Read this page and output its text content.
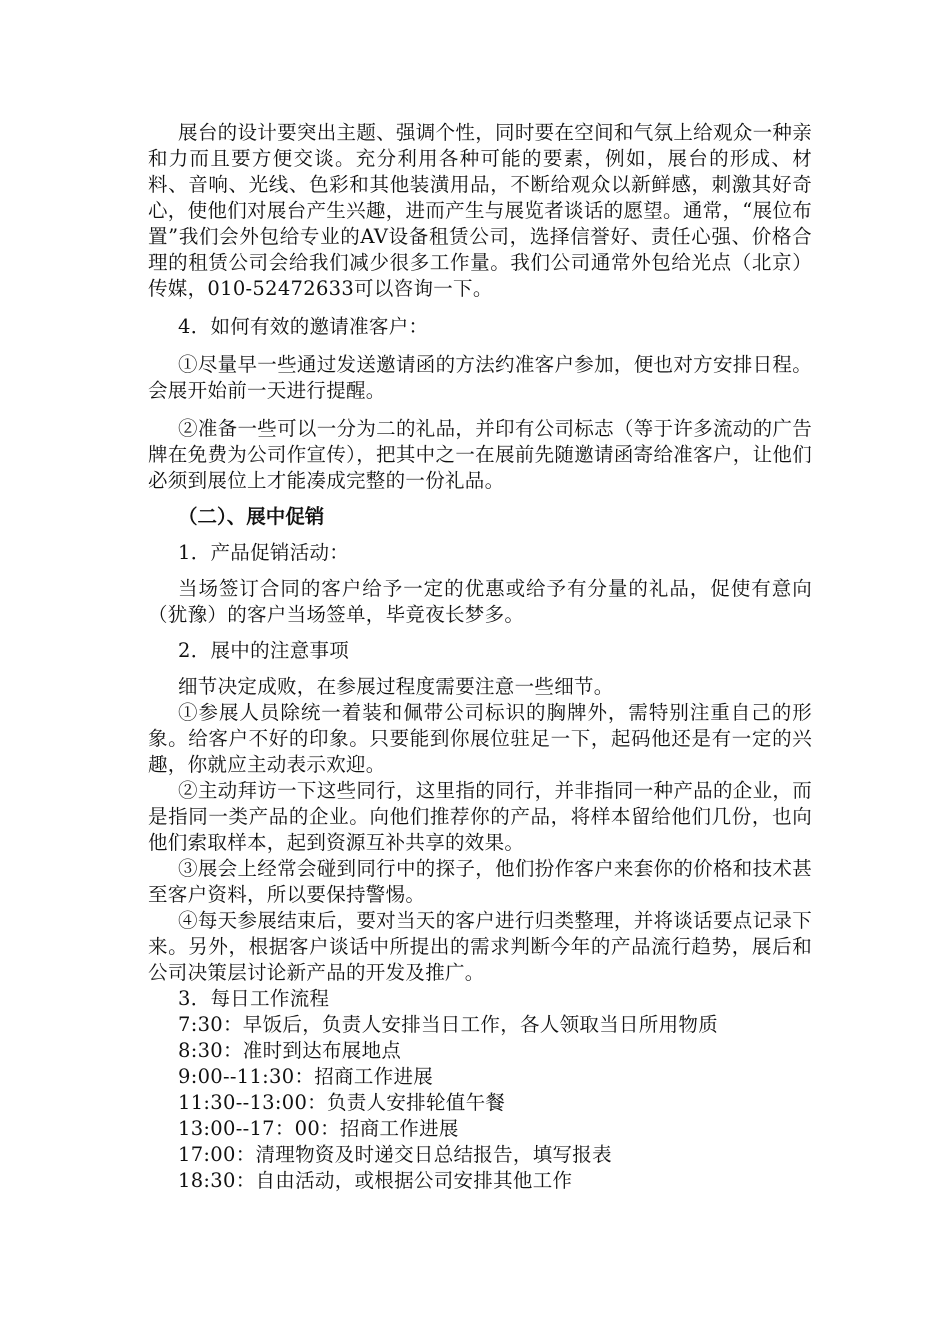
展台的设计要突出主题、强调个性，同时要在空间和气氛上给观众一种亲和力而且要方便交谈。充分利用各种可能的要素，例如，展台的形成、材料、音响、光线、色彩和其他装潢用品，不断给观众以新鲜感，刺激其好奇心，使他们对展台产生兴趣，进而产生与展览者谈话的愿望。通常，“展位布置”我们会外包给专业的AV设备租赁公司，选择信誉好、责任心强、价格合理的租赁公司会给我们减少很多工作量。我们公司通常外包给光点（北京）传媒，010-52472633可以咨询一下。

4．如何有效的邀请准客户：

①尽量早一些通过发送邀请函的方法约准客户参加，便也对方安排日程。会展开始前一天进行提醒。

②准备一些可以一分为二的礼品，并印有公司标志（等于许多流动的广告牌在免费为公司作宣传），把其中之一在展前先随邀请函寄给准客户，让他们必须到展位上才能凑成完整的一份礼品。

（二）、展中促销

1．产品促销活动：

当场签订合同的客户给予一定的优惠或给予有分量的礼品，促使有意向（犹豫）的客户当场签单，毕竟夜长梦多。

2．展中的注意事项

细节决定成败，在参展过程度需要注意一些细节。

①参展人员除统一着装和佩带公司标识的胸牌外，需特别注重自己的形象。给客户不好的印象。只要能到你展位驻足一下，起码他还是有一定的兴趣，你就应主动表示欢迎。

②主动拜访一下这些同行，这里指的同行，并非指同一种产品的企业，而是指同一类产品的企业。向他们推荐你的产品，将样本留给他们几份，也向他们索取样本，起到资源互补共享的效果。

③展会上经常会碰到同行中的探子，他们扮作客户来套你的价格和技术甚至客户资料，所以要保持警惕。

④每天参展结束后，要对当天的客户进行归类整理，并将谈话要点记录下来。另外，根据客户谈话中所提出的需求判断今年的产品流行趋势，展后和公司决策层讨论新产品的开发及推广。

3．每日工作流程

7:30：早饭后，负责人安排当日工作，各人领取当日所用物质

8:30：准时到达布展地点

9:00--11:30：招商工作进展

11:30--13:00：负责人安排轮值午餐

13:00--17：00：招商工作进展

17:00：清理物资及时递交日总结报告，填写报表

18:30：自由活动，或根据公司安排其他工作
